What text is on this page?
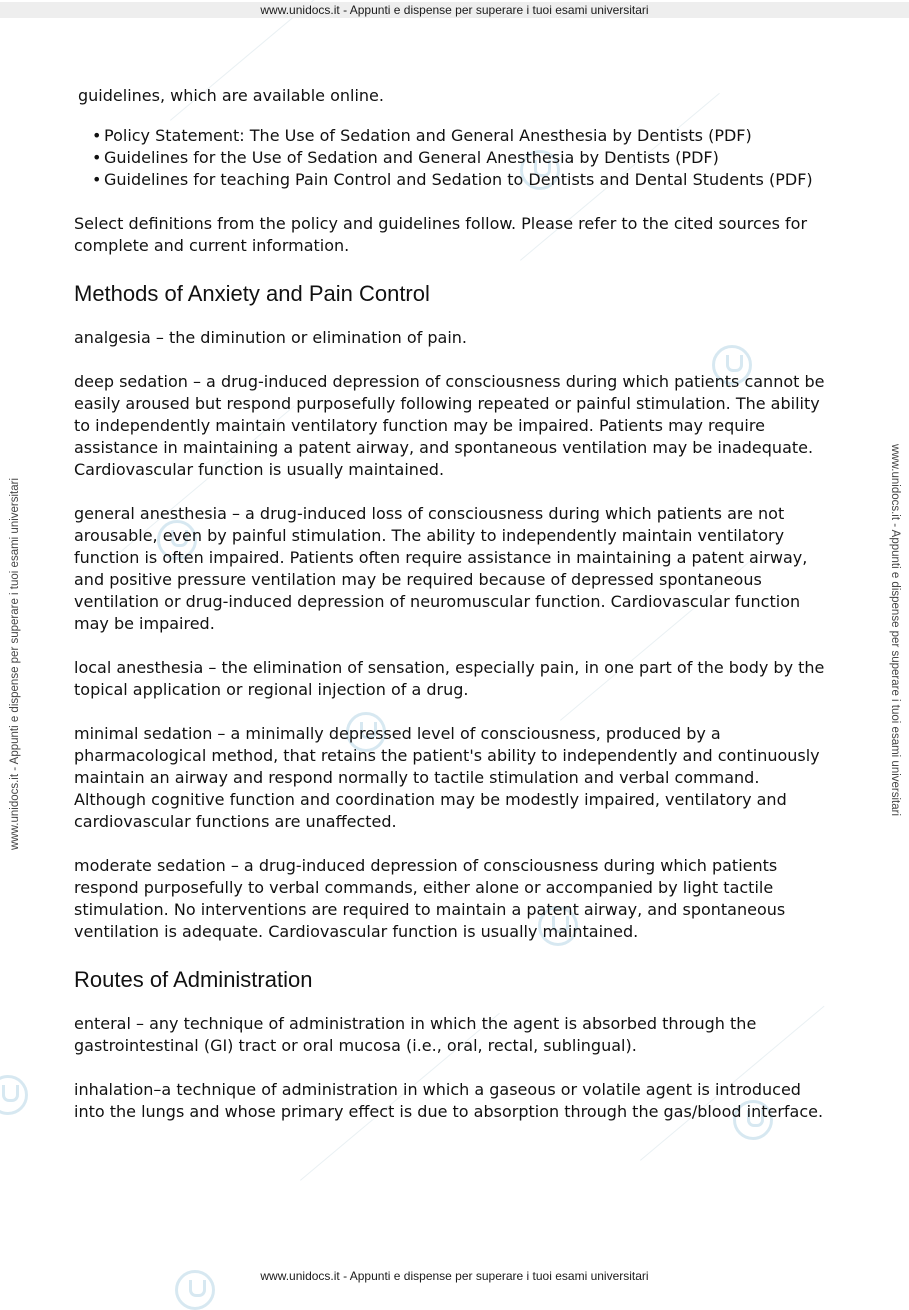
www.unidocs.it - Appunti e dispense per superare i tuoi esami universitari
www.unidocs.it - Appunti e dispense per superare i tuoi esami universitari	www.unidocs.it - Appunti e dispense per superare i tuoi esami universitari

guidelines, which are available online.

• Policy Statement: The Use of Sedation and General Anesthesia by Dentists (PDF)
• Guidelines for the Use of Sedation and General Anesthesia by Dentists (PDF)
• Guidelines for teaching Pain Control and Sedation to Dentists and Dental Students (PDF)

Select definitions from the policy and guidelines follow. Please refer to the cited sources for complete and current information.

Methods of Anxiety and Pain Control

analgesia – the diminution or elimination of pain.

deep sedation – a drug-induced depression of consciousness during which patients cannot be easily aroused but respond purposefully following repeated or painful stimulation. The ability to independently maintain ventilatory function may be impaired. Patients may require assistance in maintaining a patent airway, and spontaneous ventilation may be inadequate. Cardiovascular function is usually maintained.

general anesthesia – a drug-induced loss of consciousness during which patients are not arousable, even by painful stimulation. The ability to independently maintain ventilatory function is often impaired. Patients often require assistance in maintaining a patent airway, and positive pressure ventilation may be required because of depressed spontaneous ventilation or drug-induced depression of neuromuscular function. Cardiovascular function may be impaired.

local anesthesia – the elimination of sensation, especially pain, in one part of the body by the topical application or regional injection of a drug.

minimal sedation – a minimally depressed level of consciousness, produced by a pharmacological method, that retains the patient's ability to independently and continuously maintain an airway and respond normally to tactile stimulation and verbal command. Although cognitive function and coordination may be modestly impaired, ventilatory and cardiovascular functions are unaffected.

moderate sedation – a drug-induced depression of consciousness during which patients respond purposefully to verbal commands, either alone or accompanied by light tactile stimulation. No interventions are required to maintain a patent airway, and spontaneous ventilation is adequate. Cardiovascular function is usually maintained.

Routes of Administration

enteral – any technique of administration in which the agent is absorbed through the gastrointestinal (GI) tract or oral mucosa (i.e., oral, rectal, sublingual).

inhalation–a technique of administration in which a gaseous or volatile agent is introduced into the lungs and whose primary effect is due to absorption through the gas/blood interface.

www.unidocs.it - Appunti e dispense per superare i tuoi esami universitari
